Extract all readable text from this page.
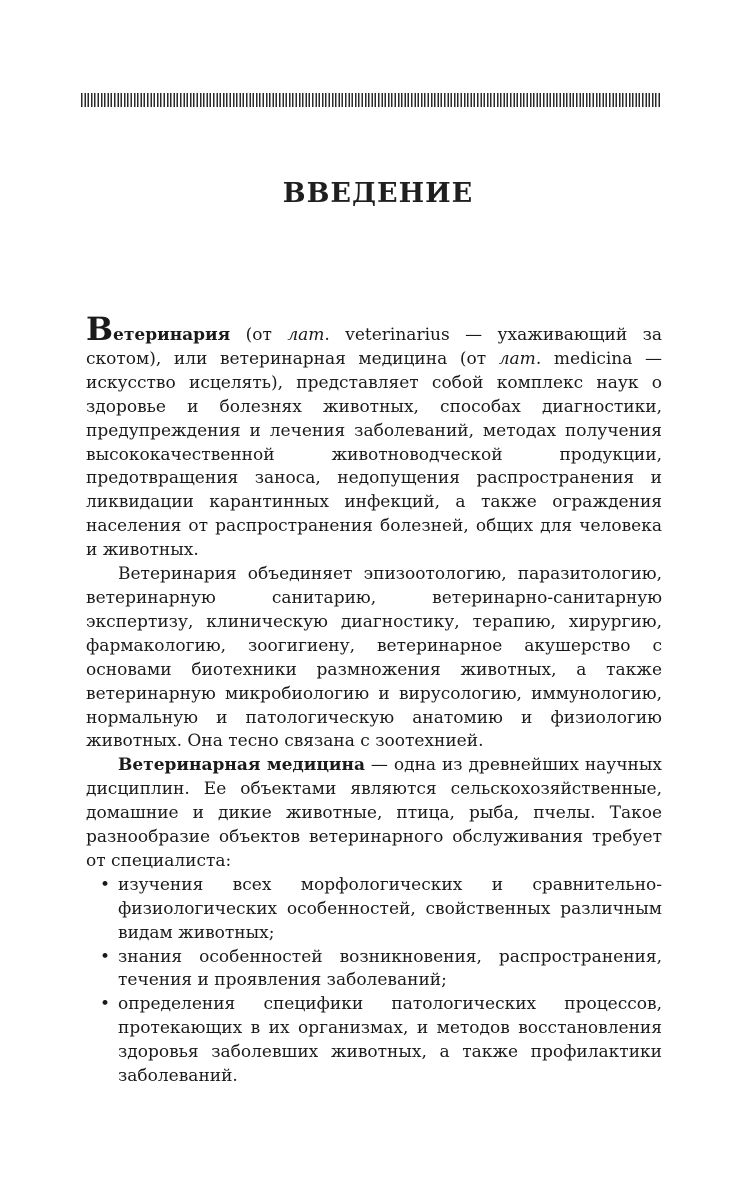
ВВЕДЕНИЕ

Ветеринария (от лат. veterinarius — ухаживающий за скотом), или ветеринарная медицина (от лат. medicina — искусство исцелять), представляет собой комплекс наук о здоровье и болезнях животных, способах диагностики, предупреждения и лечения заболеваний, методах получения высококачественной животноводческой продукции, предотвращения заноса, недопущения распространения и ликвидации карантинных инфекций, а также ограждения населения от распространения болезней, общих для человека и животных.

Ветеринария объединяет эпизоотологию, паразитологию, ветеринарную санитарию, ветеринарно-санитарную экспертизу, клиническую диагностику, терапию, хирургию, фармакологию, зоогигиену, ветеринарное акушерство с основами биотехники размножения животных, а также ветеринарную микробиологию и вирусологию, иммунологию, нормальную и патологическую анатомию и физиологию животных. Она тесно связана с зоотехнией.

Ветеринарная медицина — одна из древнейших научных дисциплин. Ее объектами являются сельскохозяйственные, домашние и дикие животные, птица, рыба, пчелы. Такое разнообразие объектов ветеринарного обслуживания требует от специалиста:

• изучения всех морфологических и сравнительно-физиологических особенностей, свойственных различным видам животных;
• знания особенностей возникновения, распространения, течения и проявления заболеваний;
• определения специфики патологических процессов, протекающих в их организмах, и методов восстановления здоровья заболевших животных, а также профилактики заболеваний.
